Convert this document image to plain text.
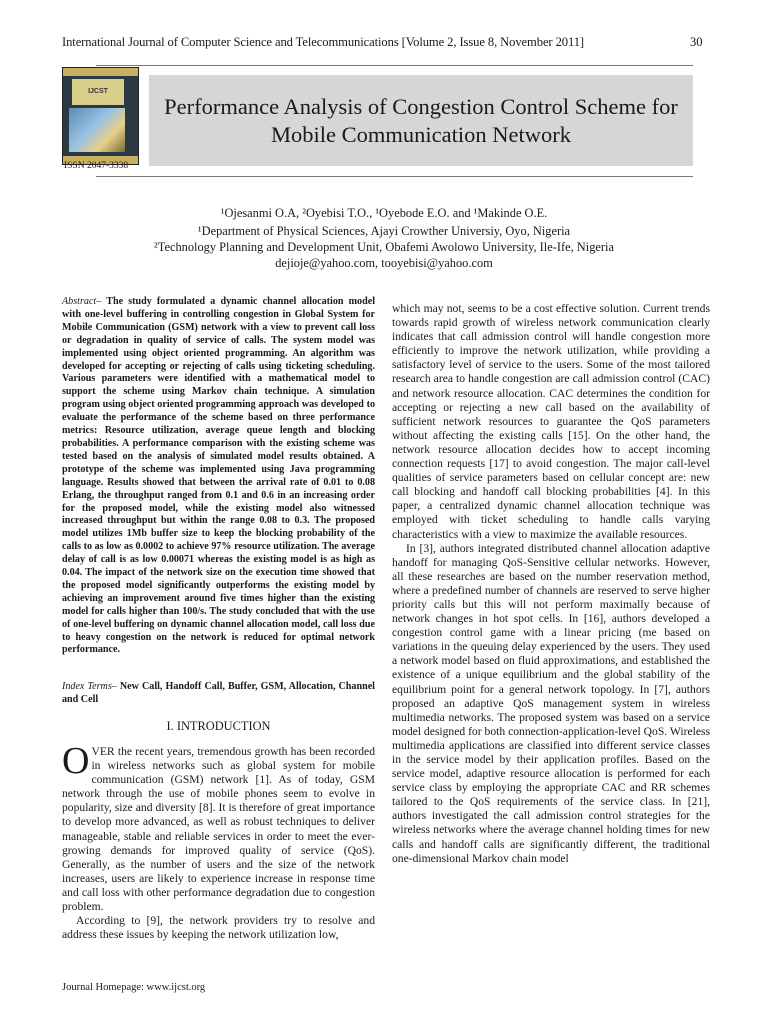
International Journal of Computer Science and Telecommunications [Volume 2, Issue 8, November 2011]	30
IJCST
ISSN 2047-3338
Performance Analysis of Congestion Control Scheme for Mobile Communication Network
¹Ojesanmi O.A, ²Oyebisi T.O., ¹Oyebode E.O. and ¹Makinde O.E.
¹Department of Physical Sciences, Ajayi Crowther Universiy, Oyo, Nigeria
²Technology Planning and Development Unit, Obafemi Awolowo University, Ile-Ife, Nigeria
dejioje@yahoo.com, tooyebisi@yahoo.com
Abstract– The study formulated a dynamic channel allocation model with one-level buffering in controlling congestion in Global System for Mobile Communication (GSM) network with a view to prevent call loss or degradation in quality of service of calls. The system model was implemented using object oriented programming. An algorithm was developed for accepting or rejecting of calls using ticketing scheduling. Various parameters were identified with a mathematical model to support the scheme using Markov chain technique. A simulation program using object oriented programming approach was developed to evaluate the performance of the scheme based on three performance metrics: Resource utilization, average queue length and blocking probabilities. A performance comparison with the existing scheme was tested based on the analysis of simulated model results obtained. A prototype of the scheme was implemented using Java programming language. Results showed that between the arrival rate of 0.01 to 0.08 Erlang, the throughput ranged from 0.1 and 0.6 in an increasing order for the proposed model, while the existing model also witnessed increased throughput but within the range 0.08 to 0.3. The proposed model utilizes 1Mb buffer size to keep the blocking probability of the calls to as low as 0.0002 to achieve 97% resource utilization. The average delay of call is as low 0.00071 whereas the existing model is as high as 0.04. The impact of the network size on the execution time showed that the proposed model significantly outperforms the existing model by achieving an improvement around five times higher than the existing model for calls higher than 100/s. The study concluded that with the use of one-level buffering on dynamic channel allocation model, call loss due to heavy congestion on the network is reduced for optimal network performance.
Index Terms– New Call, Handoff Call, Buffer, GSM, Allocation, Channel and Cell
I. INTRODUCTION

OVER the recent years, tremendous growth has been recorded in wireless networks such as global system for mobile communication (GSM) network [1]. As of today, GSM network through the use of mobile phones seem to evolve in popularity, size and diversity [8]. It is therefore of great importance to develop more advanced, as well as robust techniques to deliver manageable, stable and reliable services in order to meet the ever-growing demands for improved quality of service (QoS). Generally, as the number of users and the size of the network increases, users are likely to experience increase in response time and call loss with other performance degradation due to congestion problem.

According to [9], the network providers try to resolve and address these issues by keeping the network utilization low,

which may not, seems to be a cost effective solution. Current trends towards rapid growth of wireless network communication clearly indicates that call admission control will handle congestion more efficiently to improve the network utilization, while providing a satisfactory level of service to the users. Some of the most tailored research area to handle congestion are call admission control (CAC) and network resource allocation. CAC determines the condition for accepting or rejecting a new call based on the availability of sufficient network resources to guarantee the QoS parameters without affecting the existing calls [15]. On the other hand, the network resource allocation decides how to accept incoming connection requests [17] to avoid congestion. The major call-level qualities of service parameters based on cellular concept are: new call blocking and handoff call blocking probabilities [4]. In this paper, a centralized dynamic channel allocation technique was employed with ticket scheduling to handle calls varying characteristics with a view to maximize the available resources.

In [3], authors integrated distributed channel allocation adaptive handoff for managing QoS-Sensitive cellular networks. However, all these researches are based on the number reservation method, where a predefined number of channels are reserved to serve higher priority calls but this will not perform maximally because of network changes in hot spot cells. In [16], authors developed a congestion control game with a linear pricing (me based on variations in the queuing delay experienced by the users. They used a network model based on fluid approximations, and established the existence of a unique equilibrium and the global stability of the equilibrium point for a general network topology. In [7], authors proposed an adaptive QoS management system in wireless multimedia networks. The proposed system was based on a service model designed for both connection-application-level QoS. Wireless multimedia applications are classified into different service classes in the service model by their application profiles. Based on the service model, adaptive resource allocation is performed for each service class by employing the appropriate CAC and RR schemes tailored to the QoS requirements of the service class. In [21], authors investigated the call admission control strategies for the wireless networks where the average channel holding times for new calls and handoff calls are significantly different, the traditional one-dimensional Markov chain model

Journal Homepage: www.ijcst.org
